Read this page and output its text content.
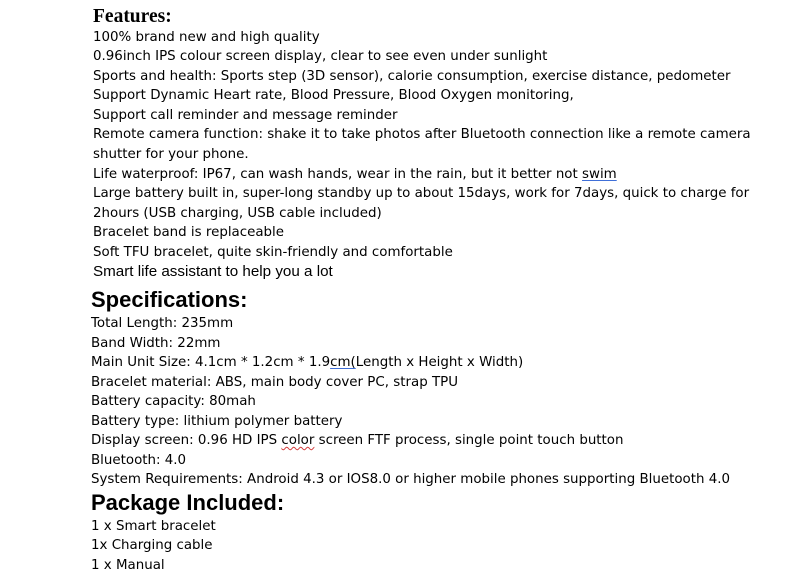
Features:
100% brand new and high quality
0.96inch IPS colour screen display, clear to see even under sunlight
Sports and health: Sports step (3D sensor), calorie consumption, exercise distance, pedometer
Support Dynamic Heart rate, Blood Pressure, Blood Oxygen monitoring,
Support call reminder and message reminder
Remote camera function: shake it to take photos after Bluetooth connection like a remote camera
shutter for your phone.
Life waterproof: IP67, can wash hands, wear in the rain, but it better not swim
Large battery built in, super-long standby up to about 15days, work for 7days, quick to charge for
2hours (USB charging, USB cable included)
Bracelet band is replaceable
Soft TFU bracelet, quite skin-friendly and comfortable
Smart life assistant to help you a lot
Specifications:
Total Length: 235mm
Band Width: 22mm
Main Unit Size: 4.1cm * 1.2cm * 1.9cm(Length x Height x Width)
Bracelet material: ABS, main body cover PC, strap TPU
Battery capacity: 80mah
Battery type: lithium polymer battery
Display screen: 0.96 HD IPS color screen FTF process, single point touch button
Bluetooth: 4.0
System Requirements: Android 4.3 or IOS8.0 or higher mobile phones supporting Bluetooth 4.0
Package Included:
1 x Smart bracelet
1x Charging cable
1 x Manual
